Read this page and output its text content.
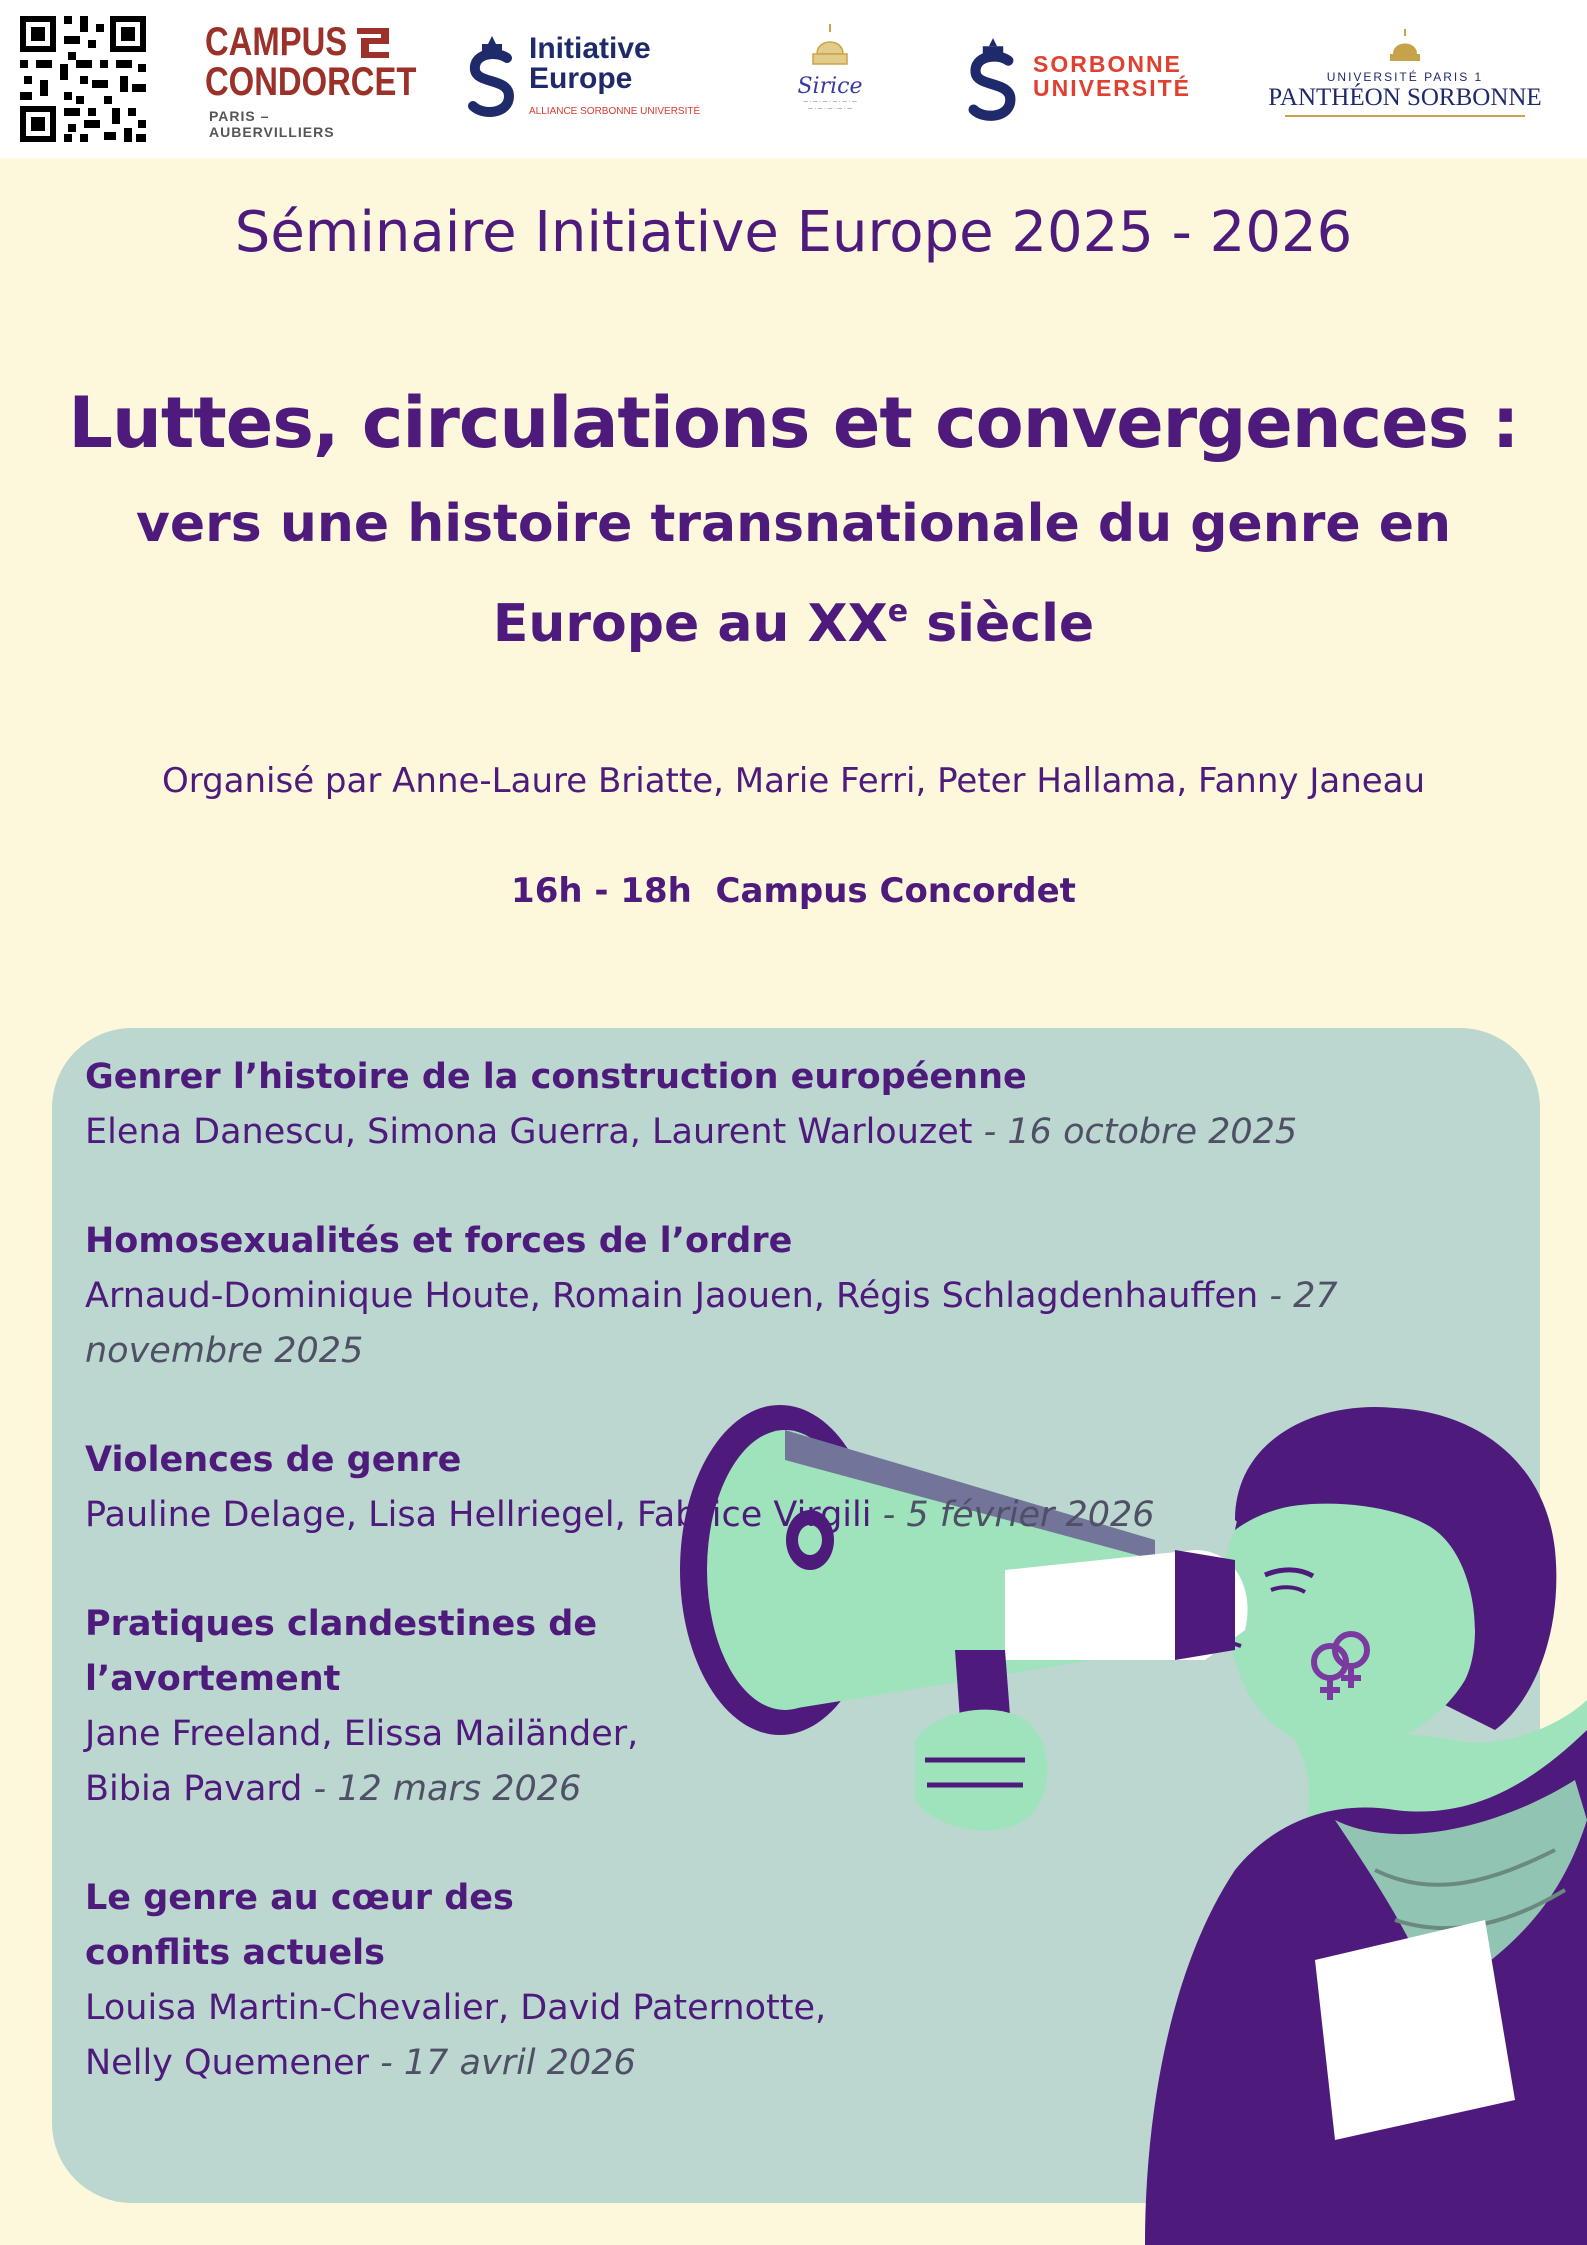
CAMPUS
CONDORCET
PARIS – AUBERVILLIERS
Initiative
Europe
ALLIANCE SORBONNE UNIVERSITÉ
Sirice
— · — · — · — · — · —
— · — · — · — · —
SORBONNE
UNIVERSITÉ	UNIVERSITÉ PARIS 1
PANTHÉON SORBONNE
Séminaire Initiative Europe 2025 - 2026
Luttes, circulations et convergences :
vers une histoire transnationale du genre en
Europe au XXe siècle
Organisé par Anne-Laure Briatte, Marie Ferri, Peter Hallama, Fanny Janeau
16h - 18h  Campus Concordet
Genrer l’histoire de la construction européenne
Elena Danescu, Simona Guerra, Laurent Warlouzet - 16 octobre 2025
Homosexualités et forces de l’ordre
Arnaud-Dominique Houte, Romain Jaouen, Régis Schlagdenhauffen - 27 novembre 2025
Violences de genre
Pauline Delage, Lisa Hellriegel, Fabrice Virgili - 5 février 2026
Pratiques clandestines de l’avortement
Jane Freeland, Elissa Mailänder, Bibia Pavard - 12 mars 2026
Le genre au cœur des conflits actuels
Louisa Martin-Chevalier, David Paternotte, Nelly Quemener - 17 avril 2026
